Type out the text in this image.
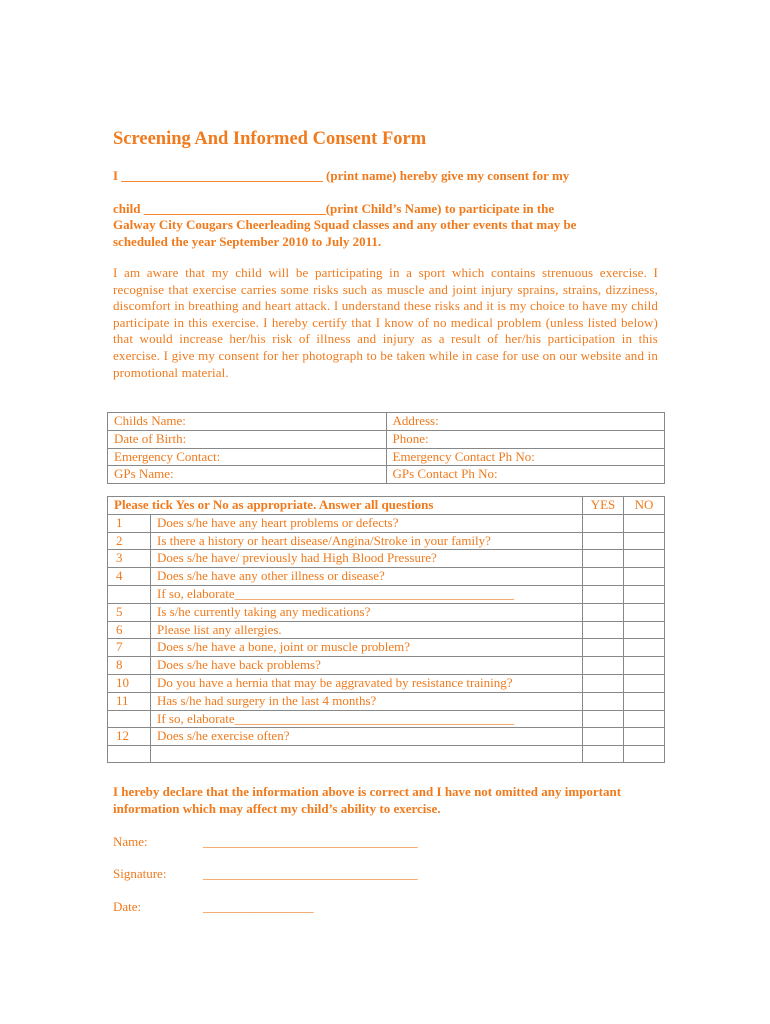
Screening And Informed Consent Form
I _______________________________ (print name) hereby give my consent for my
child ____________________________(print Child’s Name) to participate in the
Galway City Cougars Cheerleading Squad classes and any other events that may be
scheduled the year September 2010 to July 2011.
I am aware that my child will be participating in a sport which contains strenuous exercise. I recognise that exercise carries some risks such as muscle and joint injury sprains, strains, dizziness, discomfort in breathing and heart attack. I understand these risks and it is my choice to have my child participate in this exercise. I hereby certify that I know of no medical problem (unless listed below) that would increase her/his risk of illness and injury as a result of her/his participation in this exercise. I give my consent for her photograph to be taken while in case for use on our website and in promotional material.
Childs Name:	Address:
Date of Birth:	Phone:
Emergency Contact:	Emergency Contact Ph No:
GPs Name:	GPs Contact Ph No:
Please tick Yes or No as appropriate. Answer all questions		YES	NO
1	Does s/he have any heart problems or defects?		
2	Is there a history or heart disease/Angina/Stroke in your family?		
3	Does s/he have/ previously had High Blood Pressure?		
4	Does s/he have any other illness or disease?		
	If so, elaborate___________________________________________		
5	Is s/he currently taking any medications?		
6	Please list any allergies.		
7	Does s/he have a bone, joint or muscle problem?		
8	Does s/he have back problems?		
10	Do you have a hernia that may be aggravated by resistance training?		
11	Has s/he had surgery in the last 4 months?		
	If so, elaborate___________________________________________		
12	Does s/he exercise often?		

I hereby declare that the information above is correct and I have not omitted any important information which may affect my child’s ability to exercise.
Name:	_________________________________
Signature:	_________________________________
Date:	_________________
